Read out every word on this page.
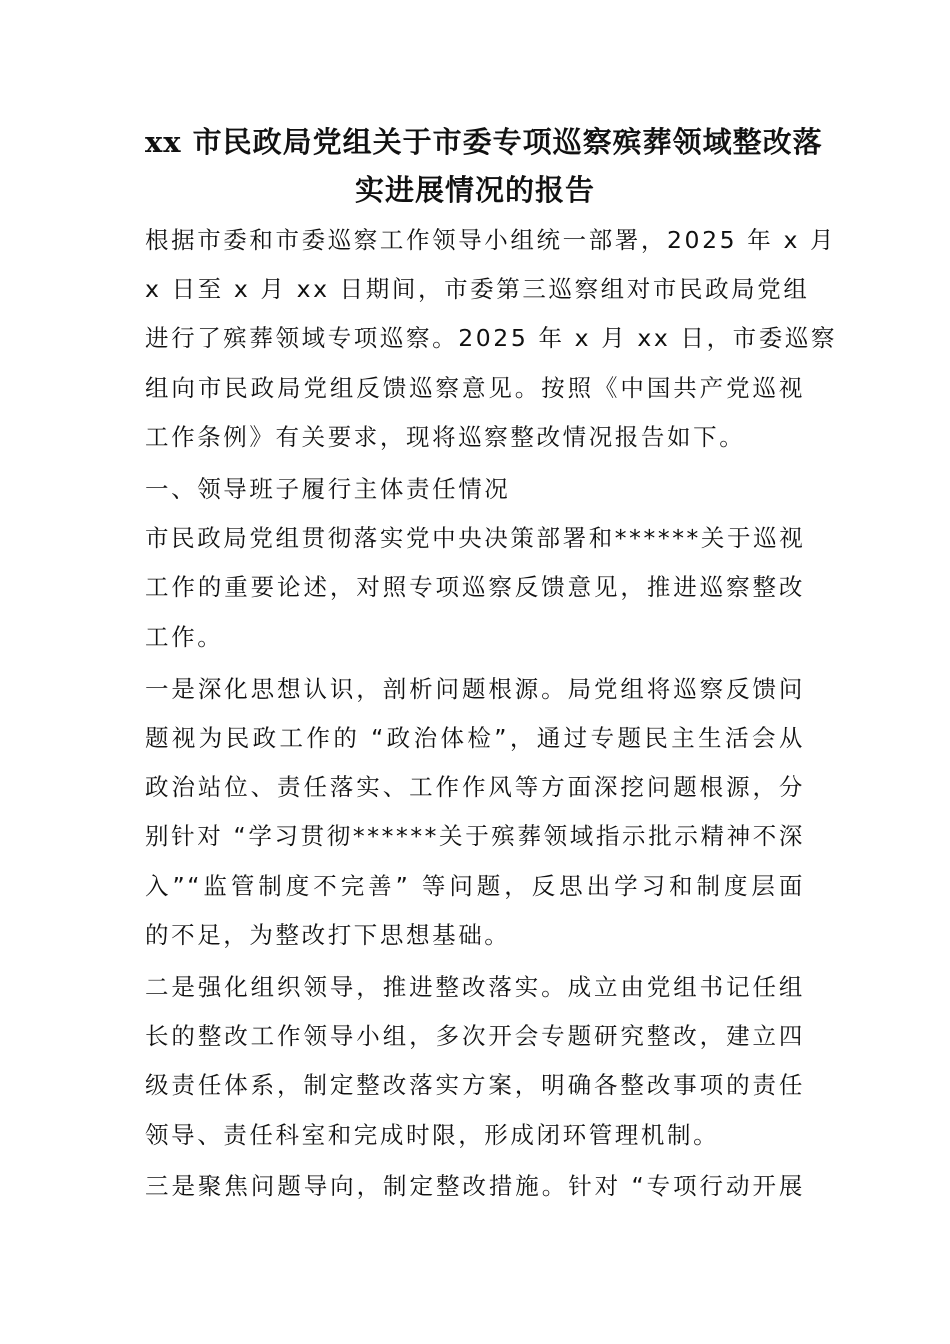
xx 市民政局党组关于市委专项巡察殡葬领域整改落
实进展情况的报告
根据市委和市委巡察工作领导小组统一部署，2025 年 x 月
x 日至 x 月 xx 日期间，市委第三巡察组对市民政局党组
进行了殡葬领域专项巡察。2025 年 x 月 xx 日，市委巡察
组向市民政局党组反馈巡察意见。按照《中国共产党巡视
工作条例》有关要求，现将巡察整改情况报告如下。
一、领导班子履行主体责任情况
市民政局党组贯彻落实党中央决策部署和******关于巡视
工作的重要论述，对照专项巡察反馈意见，推进巡察整改
工作。
一是深化思想认识，剖析问题根源。局党组将巡察反馈问
题视为民政工作的 “政治体检”，通过专题民主生活会从
政治站位、责任落实、工作作风等方面深挖问题根源，分
别针对 “学习贯彻******关于殡葬领域指示批示精神不深
入”“监管制度不完善” 等问题，反思出学习和制度层面
的不足，为整改打下思想基础。
二是强化组织领导，推进整改落实。成立由党组书记任组
长的整改工作领导小组，多次开会专题研究整改，建立四
级责任体系，制定整改落实方案，明确各整改事项的责任
领导、责任科室和完成时限，形成闭环管理机制。
三是聚焦问题导向，制定整改措施。针对 “专项行动开展
